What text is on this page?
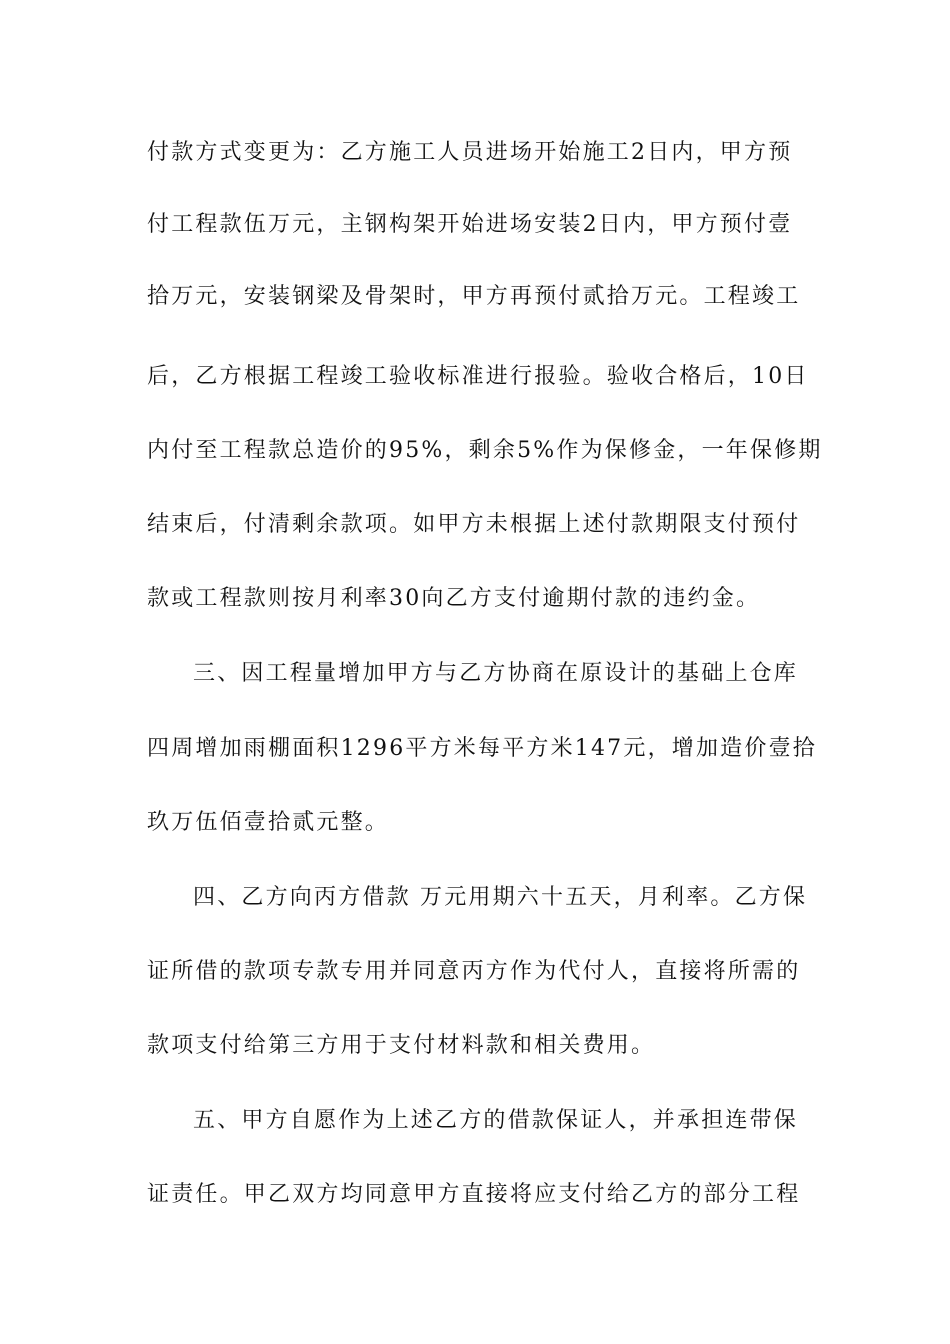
付款方式变更为：乙方施工人员进场开始施工2日内，甲方预
付工程款伍万元，主钢构架开始进场安装2日内，甲方预付壹
拾万元，安装钢梁及骨架时，甲方再预付贰拾万元。工程竣工
后，乙方根据工程竣工验收标准进行报验。验收合格后，10日
内付至工程款总造价的95%，剩余5%作为保修金，一年保修期
结束后，付清剩余款项。如甲方未根据上述付款期限支付预付
款或工程款则按月利率30向乙方支付逾期付款的违约金。
三、因工程量增加甲方与乙方协商在原设计的基础上仓库
四周增加雨棚面积1296平方米每平方米147元，增加造价壹拾
玖万伍佰壹拾贰元整。
四、乙方向丙方借款 万元用期六十五天，月利率。乙方保
证所借的款项专款专用并同意丙方作为代付人，直接将所需的
款项支付给第三方用于支付材料款和相关费用。
五、甲方自愿作为上述乙方的借款保证人，并承担连带保
证责任。甲乙双方均同意甲方直接将应支付给乙方的部分工程
